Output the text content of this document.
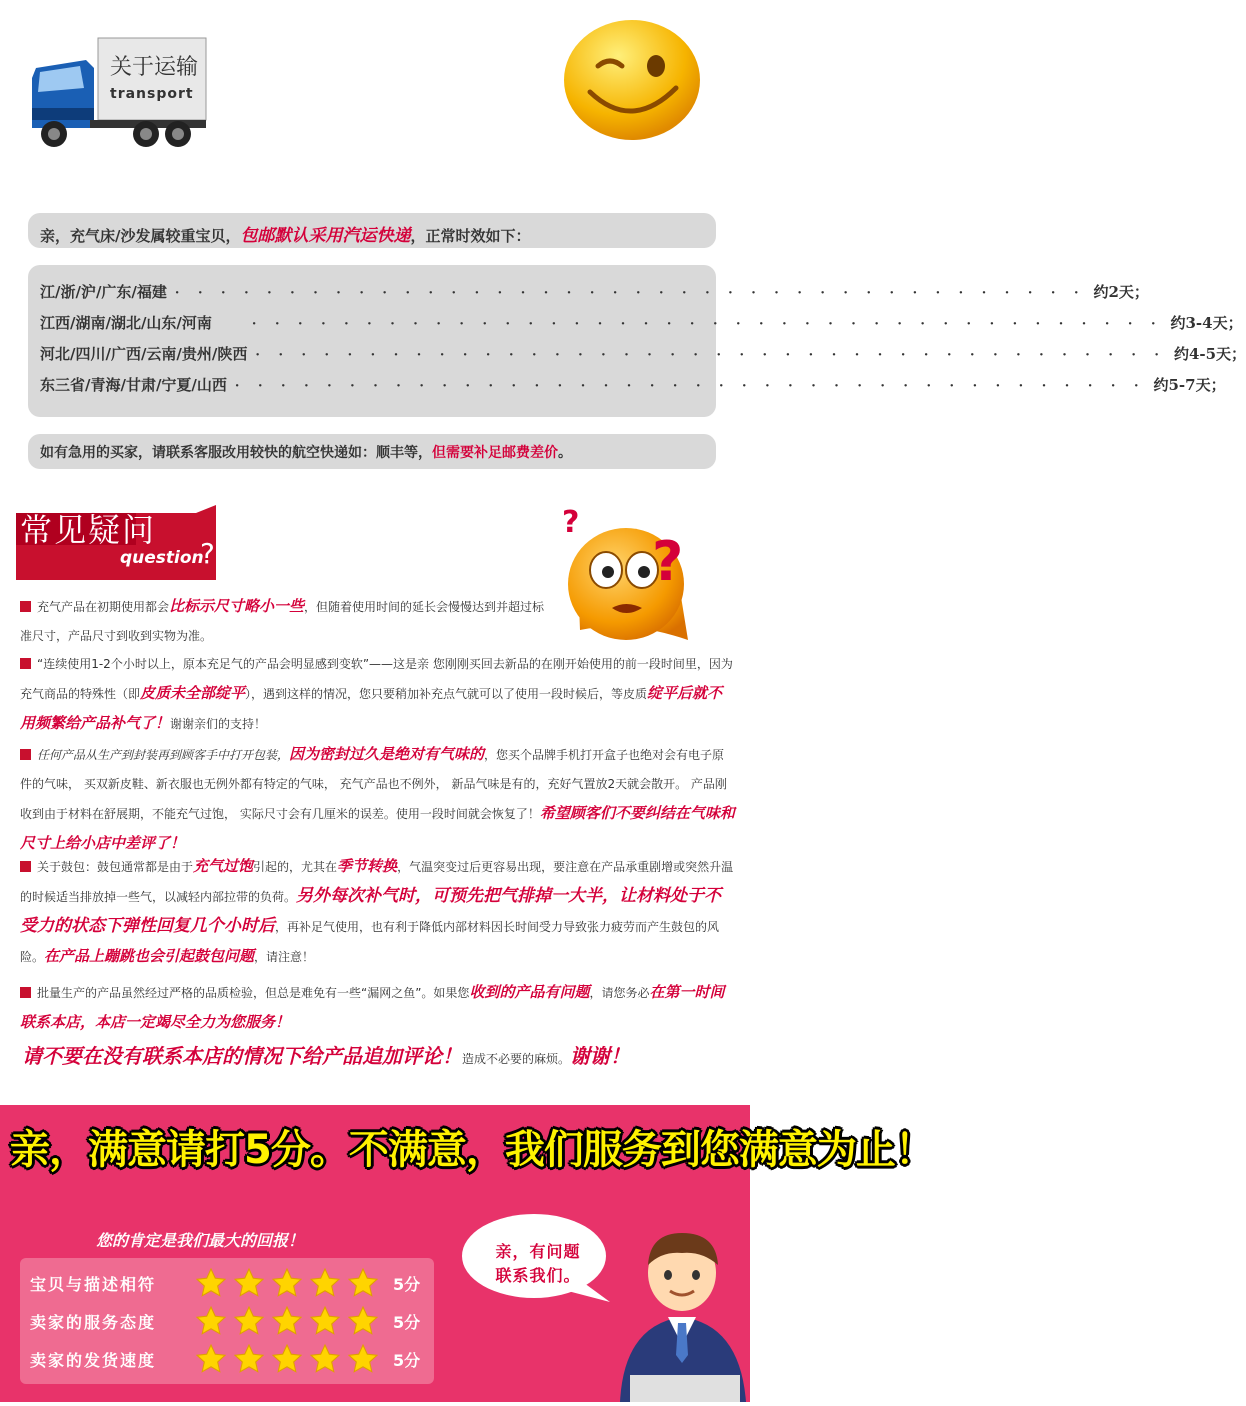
关于运输
transport
亲，充气床/沙发属较重宝贝，包邮默认采用汽运快递，正常时效如下：
江/浙/沪/广东/福建 · · · · · · · · · · · · · · · · · · · · · · · · · · · · · · · · · · · · · · · · 约2天；
江西/湖南/湖北/山东/河南	· · · · · · · · · · · · · · · · · · · · · · · · · · · · · · · · · · · · · · · · 约3-4天；
河北/四川/广西/云南/贵州/陕西 · · · · · · · · · · · · · · · · · · · · · · · · · · · · · · · · · · · · · · · · 约4-5天；
东三省/青海/甘肃/宁夏/山西 · · · · · · · · · · · · · · · · · · · · · · · · · · · · · · · · · · · · · · · · 约5-7天；
如有急用的买家，请联系客服改用较快的航空快递如：顺丰等，但需要补足邮费差价。
常见疑问
question
?
?
?
充气产品在初期使用都会比标示尺寸略小一些，但随着使用时间的延长会慢慢达到并超过标准尺寸，产品尺寸到收到实物为准。
“连续使用1-2个小时以上，原本充足气的产品会明显感到变软”——这是亲 您刚刚买回去新品的在刚开始使用的前一段时间里，因为充气商品的特殊性（即皮质未全部绽平），遇到这样的情况，您只要稍加补充点气就可以了使用一段时候后，等皮质绽平后就不用频繁给产品补气了！谢谢亲们的支持！
任何产品从生产到封装再到顾客手中打开包装，因为密封过久是绝对有气味的，您买个品牌手机打开盒子也绝对会有电子原件的气味， 买双新皮鞋、新衣服也无例外都有特定的气味， 充气产品也不例外， 新品气味是有的，充好气置放2天就会散开。 产品刚收到由于材料在舒展期，不能充气过饱， 实际尺寸会有几厘米的误差。使用一段时间就会恢复了！希望顾客们不要纠结在气味和尺寸上给小店中差评了！
关于鼓包：鼓包通常都是由于充气过饱引起的，尤其在季节转换，气温突变过后更容易出现，要注意在产品承重剧增或突然升温的时候适当排放掉一些气，以减轻内部拉带的负荷。另外每次补气时，可预先把气排掉一大半，让材料处于不受力的状态下弹性回复几个小时后，再补足气使用，也有利于降低内部材料因长时间受力导致张力疲劳而产生鼓包的风险。在产品上蹦跳也会引起鼓包问题，请注意！
批量生产的产品虽然经过严格的品质检验，但总是难免有一些“漏网之鱼”。如果您收到的产品有问题，请您务必在第一时间联系本店，本店一定竭尽全力为您服务！
请不要在没有联系本店的情况下给产品追加评论！造成不必要的麻烦。谢谢！
亲，满意请打5分。不满意，我们服务到您满意为止！
您的肯定是我们最大的回报！
宝贝与描述相符	5分
卖家的服务态度	5分
卖家的发货速度	5分
亲，有问题
联系我们。
